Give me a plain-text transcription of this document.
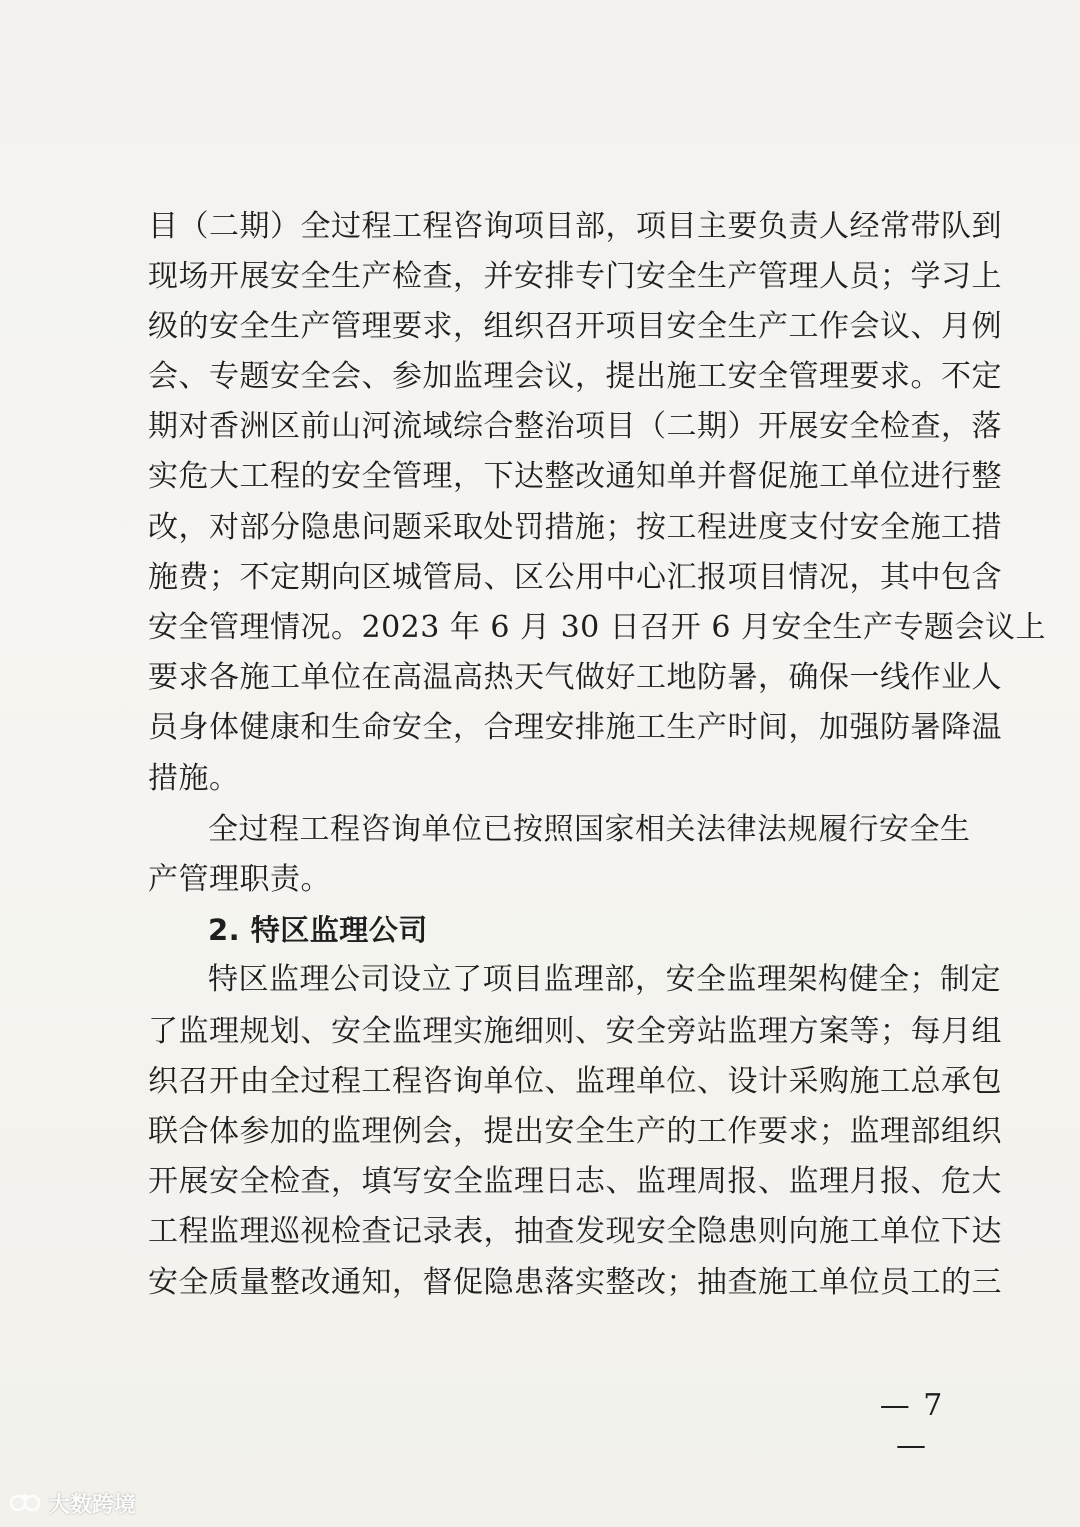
目（二期）全过程工程咨询项目部，项目主要负责人经常带队到
现场开展安全生产检查，并安排专门安全生产管理人员；学习上
级的安全生产管理要求，组织召开项目安全生产工作会议、月例
会、专题安全会、参加监理会议，提出施工安全管理要求。不定
期对香洲区前山河流域综合整治项目（二期）开展安全检查，落
实危大工程的安全管理，下达整改通知单并督促施工单位进行整
改，对部分隐患问题采取处罚措施；按工程进度支付安全施工措
施费；不定期向区城管局、区公用中心汇报项目情况，其中包含
安全管理情况。2023 年 6 月 30 日召开 6 月安全生产专题会议上
要求各施工单位在高温高热天气做好工地防暑，确保一线作业人
员身体健康和生命安全，合理安排施工生产时间，加强防暑降温
措施。
全过程工程咨询单位已按照国家相关法律法规履行安全生
产管理职责。
2. 特区监理公司
特区监理公司设立了项目监理部，安全监理架构健全；制定
了监理规划、安全监理实施细则、安全旁站监理方案等；每月组
织召开由全过程工程咨询单位、监理单位、设计采购施工总承包
联合体参加的监理例会，提出安全生产的工作要求；监理部组织
开展安全检查，填写安全监理日志、监理周报、监理月报、危大
工程监理巡视检查记录表，抽查发现安全隐患则向施工单位下达
安全质量整改通知，督促隐患落实整改；抽查施工单位员工的三
— 7 —
大数跨境
